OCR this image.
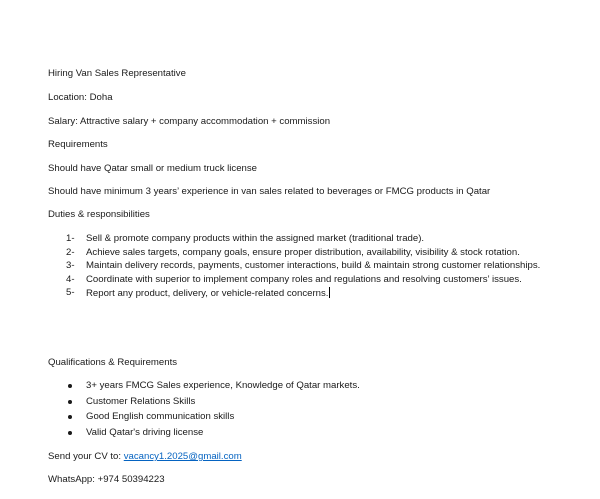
Hiring Van Sales Representative
Location: Doha
Salary: Attractive salary + company accommodation + commission
Requirements
Should have Qatar small or medium truck license
Should have minimum 3 years’ experience in van sales related to beverages or FMCG products in Qatar
Duties & responsibilities
1- Sell & promote company products within the assigned market (traditional trade).
2- Achieve sales targets, company goals, ensure proper distribution, availability, visibility & stock rotation.
3- Maintain delivery records, payments, customer interactions, build & maintain strong customer relationships.
4- Coordinate with superior to implement company roles and regulations and resolving customers’ issues.
5- Report any product, delivery, or vehicle-related concerns.
Qualifications & Requirements
3+ years FMCG Sales experience, Knowledge of Qatar markets.
Customer Relations Skills
Good English communication skills
Valid Qatar's driving license
Send your CV to: vacancy1.2025@gmail.com
WhatsApp: +974 50394223
